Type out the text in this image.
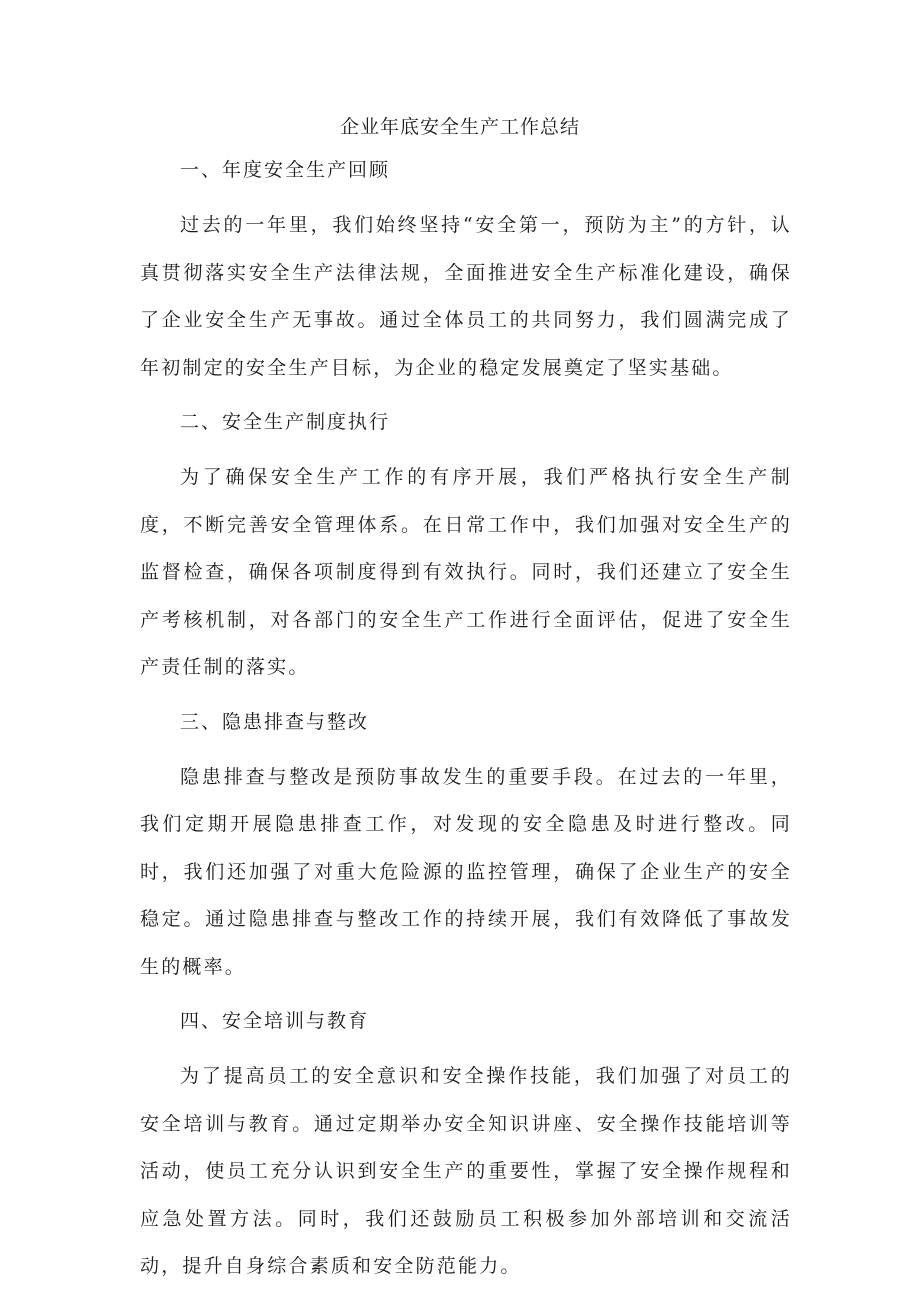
企业年底安全生产工作总结

一、年度安全生产回顾

过去的一年里，我们始终坚持“安全第一，预防为主”的方针，认真贯彻落实安全生产法律法规，全面推进安全生产标准化建设，确保了企业安全生产无事故。通过全体员工的共同努力，我们圆满完成了年初制定的安全生产目标，为企业的稳定发展奠定了坚实基础。

二、安全生产制度执行

为了确保安全生产工作的有序开展，我们严格执行安全生产制度，不断完善安全管理体系。在日常工作中，我们加强对安全生产的监督检查，确保各项制度得到有效执行。同时，我们还建立了安全生产考核机制，对各部门的安全生产工作进行全面评估，促进了安全生产责任制的落实。

三、隐患排查与整改

隐患排查与整改是预防事故发生的重要手段。在过去的一年里，我们定期开展隐患排查工作，对发现的安全隐患及时进行整改。同时，我们还加强了对重大危险源的监控管理，确保了企业生产的安全稳定。通过隐患排查与整改工作的持续开展，我们有效降低了事故发生的概率。

四、安全培训与教育

为了提高员工的安全意识和安全操作技能，我们加强了对员工的安全培训与教育。通过定期举办安全知识讲座、安全操作技能培训等活动，使员工充分认识到安全生产的重要性，掌握了安全操作规程和应急处置方法。同时，我们还鼓励员工积极参加外部培训和交流活动，提升自身综合素质和安全防范能力。
